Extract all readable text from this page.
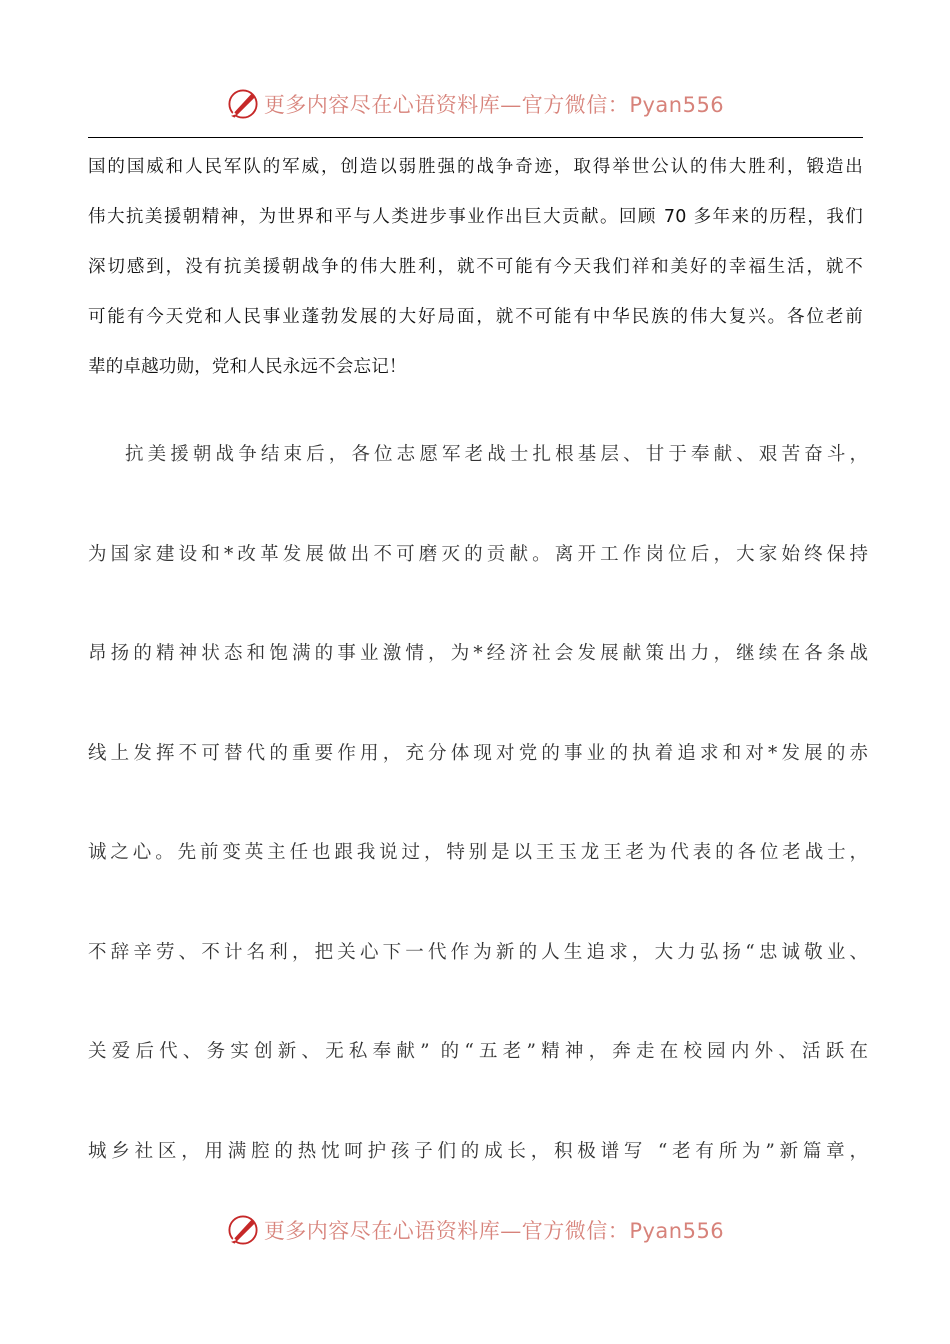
更多内容尽在心语资料库—官方微信：Pyan556
国的国威和人民军队的军威，创造以弱胜强的战争奇迹，取得举世公认的伟大胜利，锻造出
伟大抗美援朝精神，为世界和平与人类进步事业作出巨大贡献。回顾 70 多年来的历程，我们
深切感到，没有抗美援朝战争的伟大胜利，就不可能有今天我们祥和美好的幸福生活，就不
可能有今天党和人民事业蓬勃发展的大好局面，就不可能有中华民族的伟大复兴。各位老前
辈的卓越功勋，党和人民永远不会忘记！
抗美援朝战争结束后，各位志愿军老战士扎根基层、甘于奉献、艰苦奋斗，
为国家建设和*改革发展做出不可磨灭的贡献。离开工作岗位后，大家始终保持
昂扬的精神状态和饱满的事业激情，为*经济社会发展献策出力，继续在各条战
线上发挥不可替代的重要作用，充分体现对党的事业的执着追求和对*发展的赤
诚之心。先前变英主任也跟我说过，特别是以王玉龙王老为代表的各位老战士，
不辞辛劳、不计名利，把关心下一代作为新的人生追求，大力弘扬“忠诚敬业、
关爱后代、务实创新、无私奉献” 的“五老”精神，奔走在校园内外、活跃在
城乡社区，用满腔的热忱呵护孩子们的成长，积极谱写 “老有所为”新篇章，
更多内容尽在心语资料库—官方微信：Pyan556
